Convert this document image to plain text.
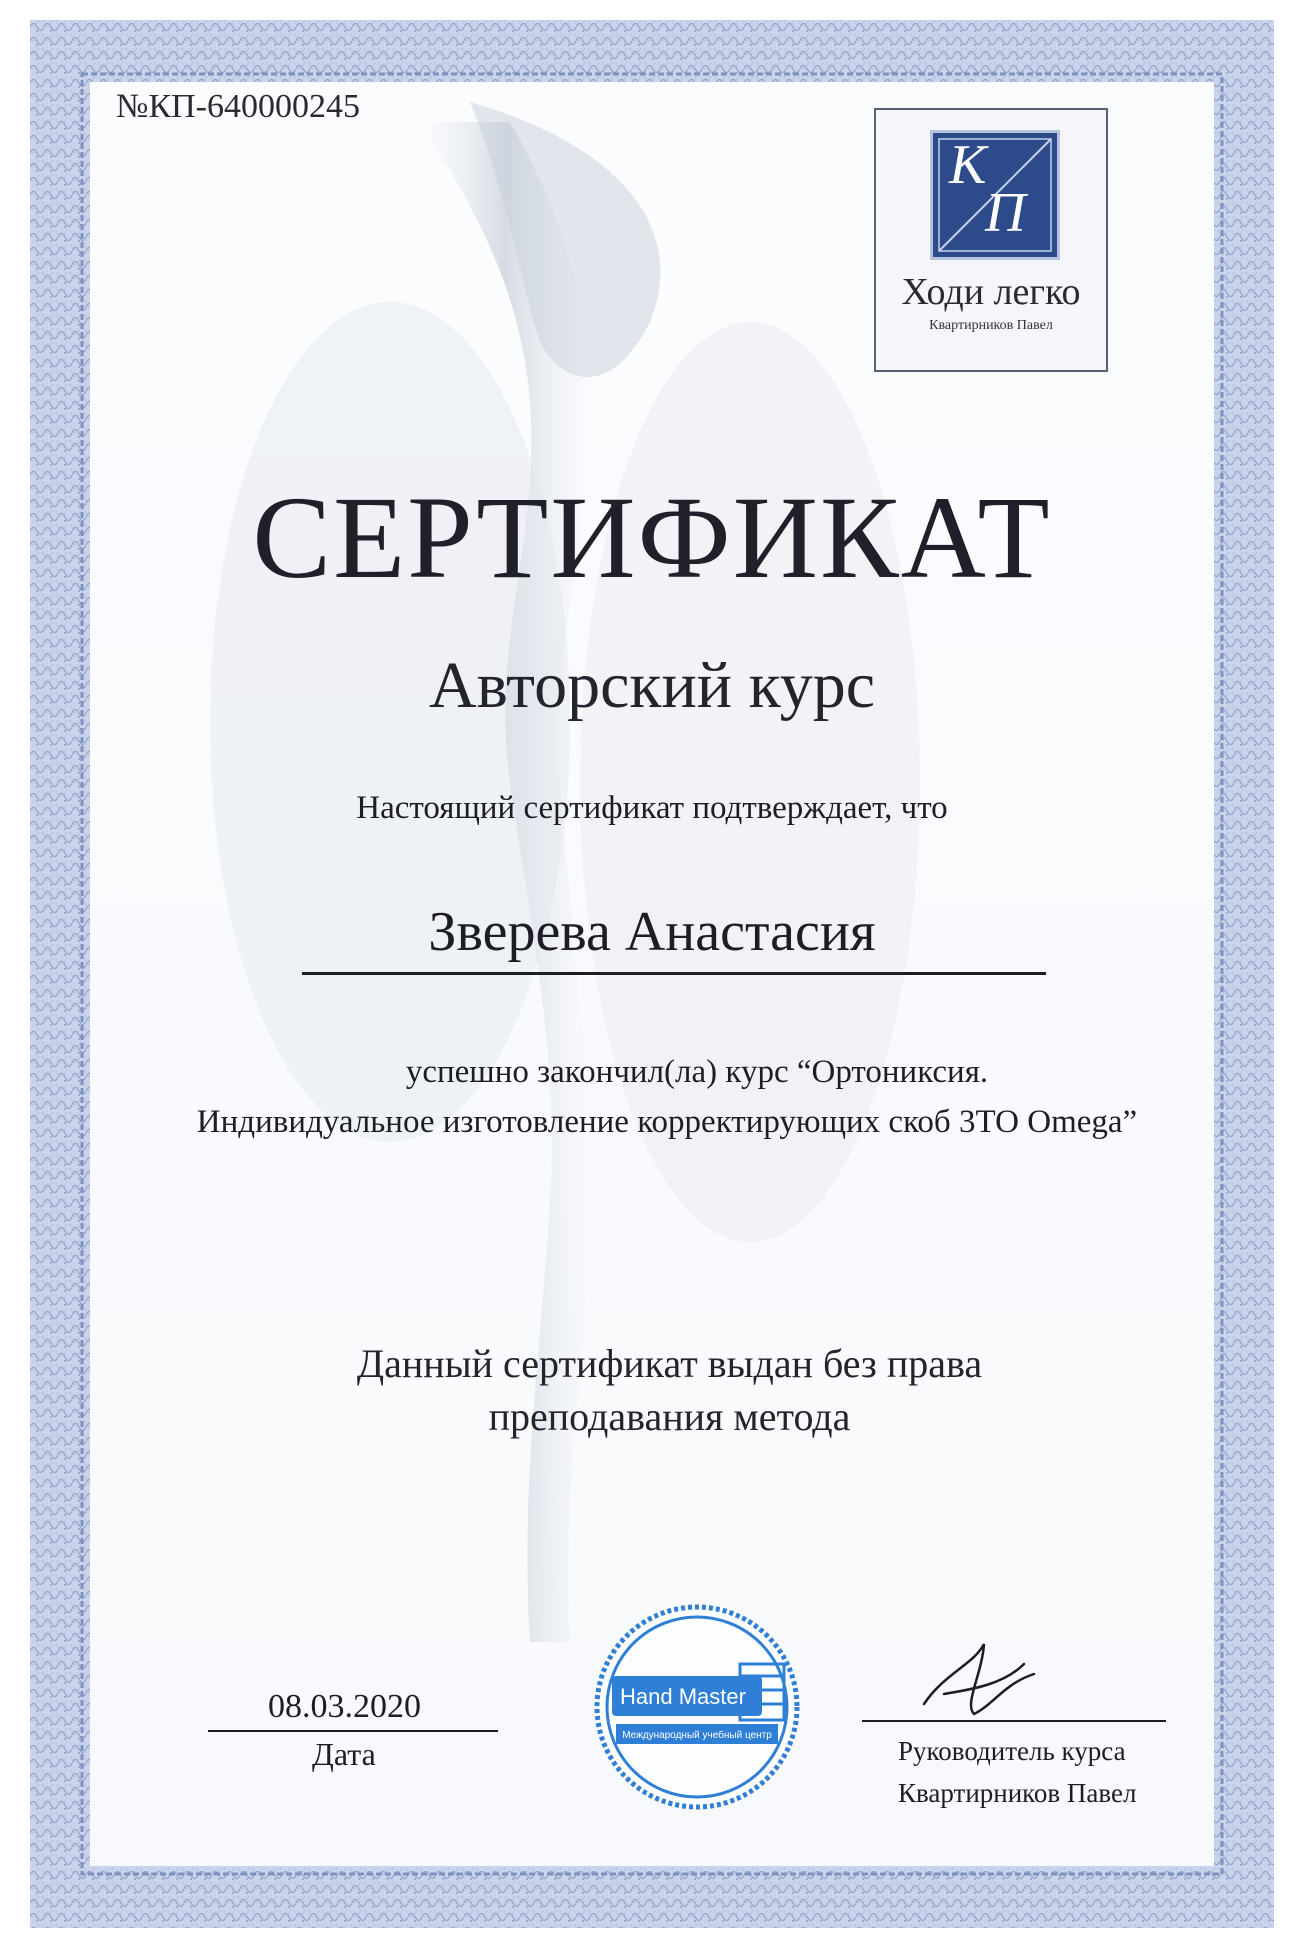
№КП-640000245
К
П
Ходи легко
Квартирников Павел
СЕРТИФИКАТ
Авторский курс
Настоящий сертификат подтверждает, что
Зверева Анастасия
успешно закончил(ла) курс “Ортониксия.
Индивидуальное изготовление корректирующих скоб 3ТО Omega”
Данный сертификат выдан без права
преподавания метода
08.03.2020
Дата
Hand Master
Международный учебный центр
Руководитель курса
Квартирников Павел
